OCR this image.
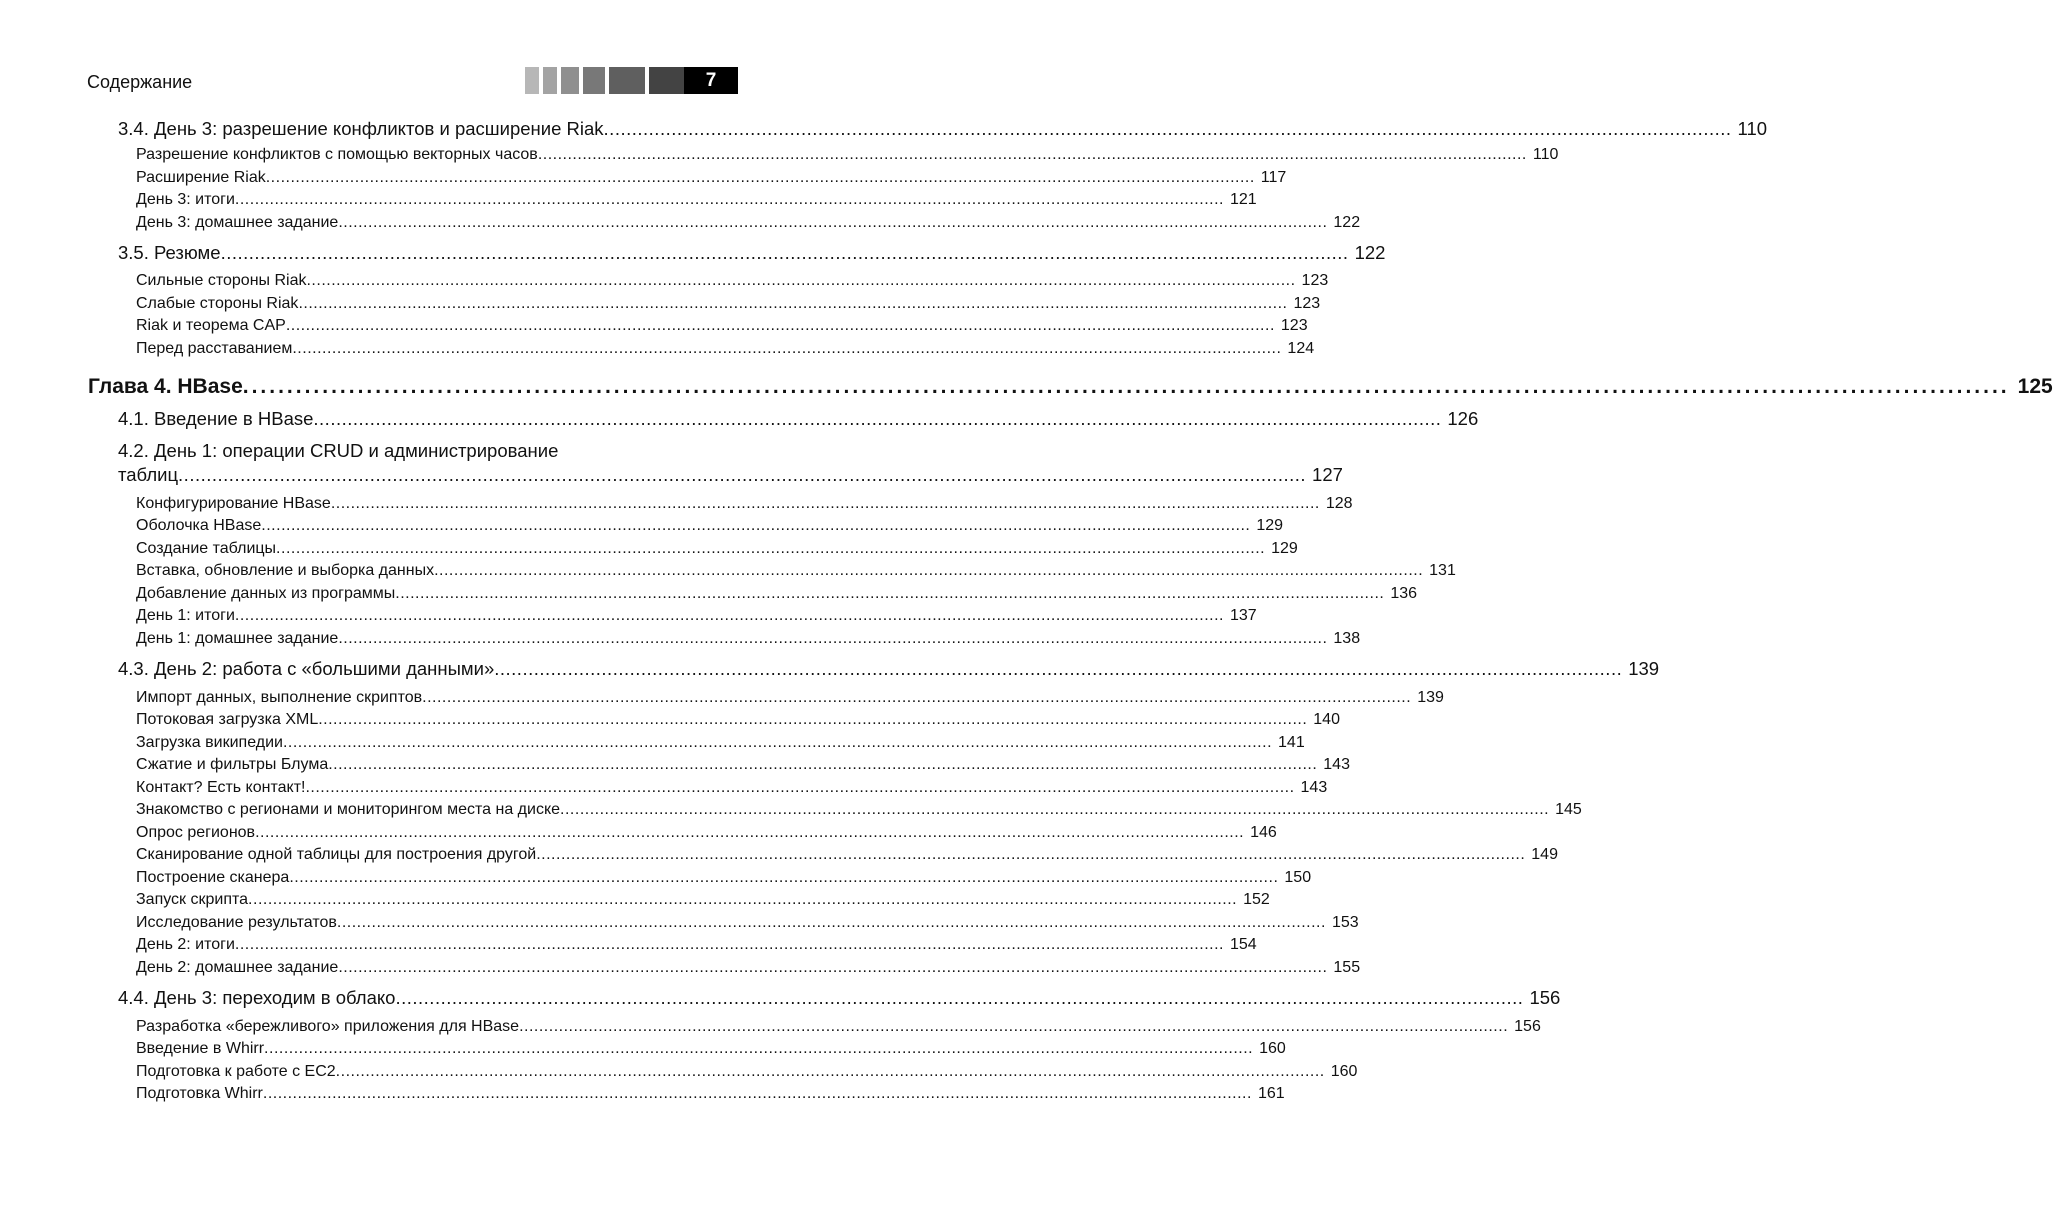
Содержание	7
3.4. День 3: разрешение конфликтов и расширение Riak ........................................................................................................................................................................................................ 110
Разрешение конфликтов с помощью векторных часов ........................................................................................................................................................................................................ 110
Расширение Riak ........................................................................................................................................................................................................ 117
День 3: итоги ........................................................................................................................................................................................................ 121
День 3: домашнее задание ........................................................................................................................................................................................................ 122
3.5. Резюме ........................................................................................................................................................................................................ 122
Сильные стороны Riak ........................................................................................................................................................................................................ 123
Слабые стороны Riak ........................................................................................................................................................................................................ 123
Riak и теорема CAP ........................................................................................................................................................................................................ 123
Перед расставанием ........................................................................................................................................................................................................ 124
Глава 4. HBase ........................................................................................................................................................................................................ 125
4.1. Введение в HBase ........................................................................................................................................................................................................ 126
4.2. День 1: операции CRUD и администрирование
таблиц ........................................................................................................................................................................................................ 127
Конфигурирование HBase ........................................................................................................................................................................................................ 128
Оболочка HBase ........................................................................................................................................................................................................ 129
Создание таблицы ........................................................................................................................................................................................................ 129
Вставка, обновление и выборка данных ........................................................................................................................................................................................................ 131
Добавление данных из программы ........................................................................................................................................................................................................ 136
День 1: итоги ........................................................................................................................................................................................................ 137
День 1: домашнее задание ........................................................................................................................................................................................................ 138
4.3. День 2: работа с «большими данными» ........................................................................................................................................................................................................ 139
Импорт данных, выполнение скриптов ........................................................................................................................................................................................................ 139
Потоковая загрузка XML ........................................................................................................................................................................................................ 140
Загрузка википедии ........................................................................................................................................................................................................ 141
Сжатие и фильтры Блума ........................................................................................................................................................................................................ 143
Контакт? Есть контакт! ........................................................................................................................................................................................................ 143
Знакомство с регионами и мониторингом места на диске ........................................................................................................................................................................................................ 145
Опрос регионов ........................................................................................................................................................................................................ 146
Сканирование одной таблицы для построения другой ........................................................................................................................................................................................................ 149
Построение сканера ........................................................................................................................................................................................................ 150
Запуск скрипта ........................................................................................................................................................................................................ 152
Исследование результатов ........................................................................................................................................................................................................ 153
День 2: итоги ........................................................................................................................................................................................................ 154
День 2: домашнее задание ........................................................................................................................................................................................................ 155
4.4. День 3: переходим в облако ........................................................................................................................................................................................................ 156
Разработка «бережливого» приложения для HBase ........................................................................................................................................................................................................ 156
Введение в Whirr ........................................................................................................................................................................................................ 160
Подготовка к работе с EC2 ........................................................................................................................................................................................................ 160
Подготовка Whirr ........................................................................................................................................................................................................ 161
